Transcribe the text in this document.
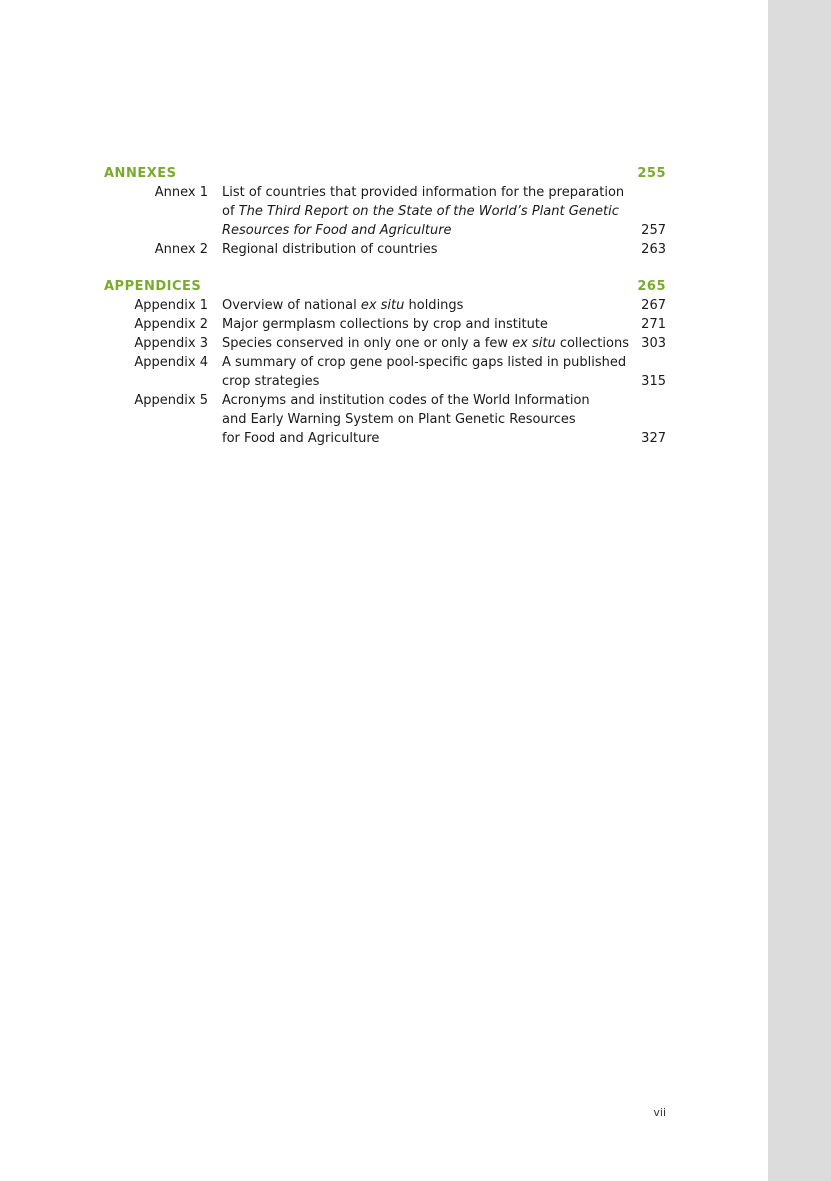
ANNEXES	255
Annex 1 List of countries that provided information for the preparation
of The Third Report on the State of the World’s Plant Genetic
Resources for Food and Agriculture	257
Annex 2 Regional distribution of countries	263
APPENDICES	265
Appendix 1 Overview of national ex situ holdings	267
Appendix 2 Major germplasm collections by crop and institute	271
Appendix 3 Species conserved in only one or only a few ex situ collections 303
Appendix 4 A summary of crop gene pool-specific gaps listed in published
crop strategies	315
Appendix 5 Acronyms and institution codes of the World Information
and Early Warning System on Plant Genetic Resources
for Food and Agriculture	327
vii
